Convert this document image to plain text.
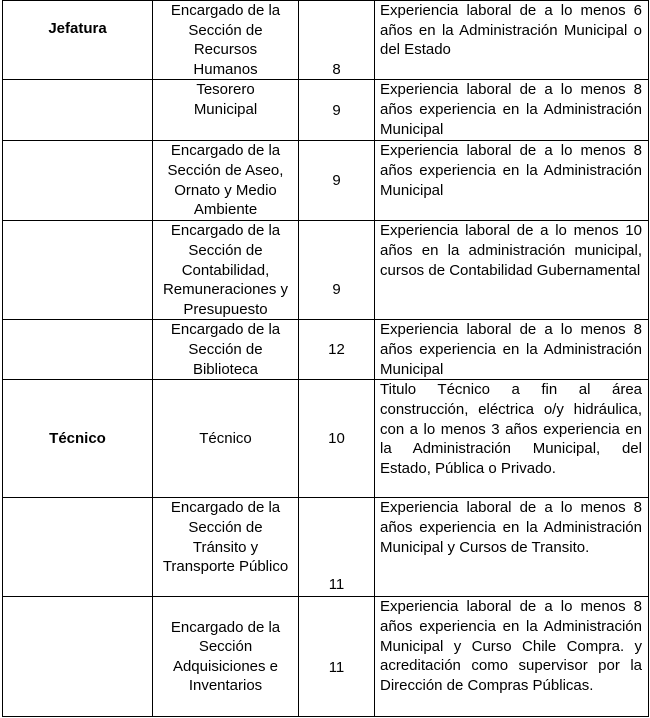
Jefatura	Encargado de la Sección de Recursos Humanos	8	Experiencia laboral de a lo menos 6 años en la Administración Municipal o del Estado
	Tesorero Municipal	9	Experiencia laboral de a lo menos 8 años experiencia en la Administración Municipal
	Encargado de la Sección de Aseo, Ornato y Medio Ambiente	9	Experiencia laboral de a lo menos 8 años experiencia en la Administración Municipal
	Encargado de la Sección de Contabilidad, Remuneraciones y Presupuesto	9	Experiencia laboral de a lo menos 10 años en la administración municipal, cursos de Contabilidad Gubernamental
	Encargado de la Sección de Biblioteca	12	Experiencia laboral de a lo menos 8 años experiencia en la Administración Municipal
Técnico	Técnico	10	Titulo Técnico a fin al área construcción, eléctrica o/y hidráulica, con a lo menos 3 años experiencia en la Administración Municipal, del Estado, Pública o Privado.
	Encargado de la Sección de Tránsito y Transporte Público	11	Experiencia laboral de a lo menos 8 años experiencia en la Administración Municipal y Cursos de Transito.
	Encargado de la Sección Adquisiciones e Inventarios	11	Experiencia laboral de a lo menos 8 años experiencia en la Administración Municipal y Curso Chile Compra. y acreditación como supervisor por la Dirección de Compras Públicas.
